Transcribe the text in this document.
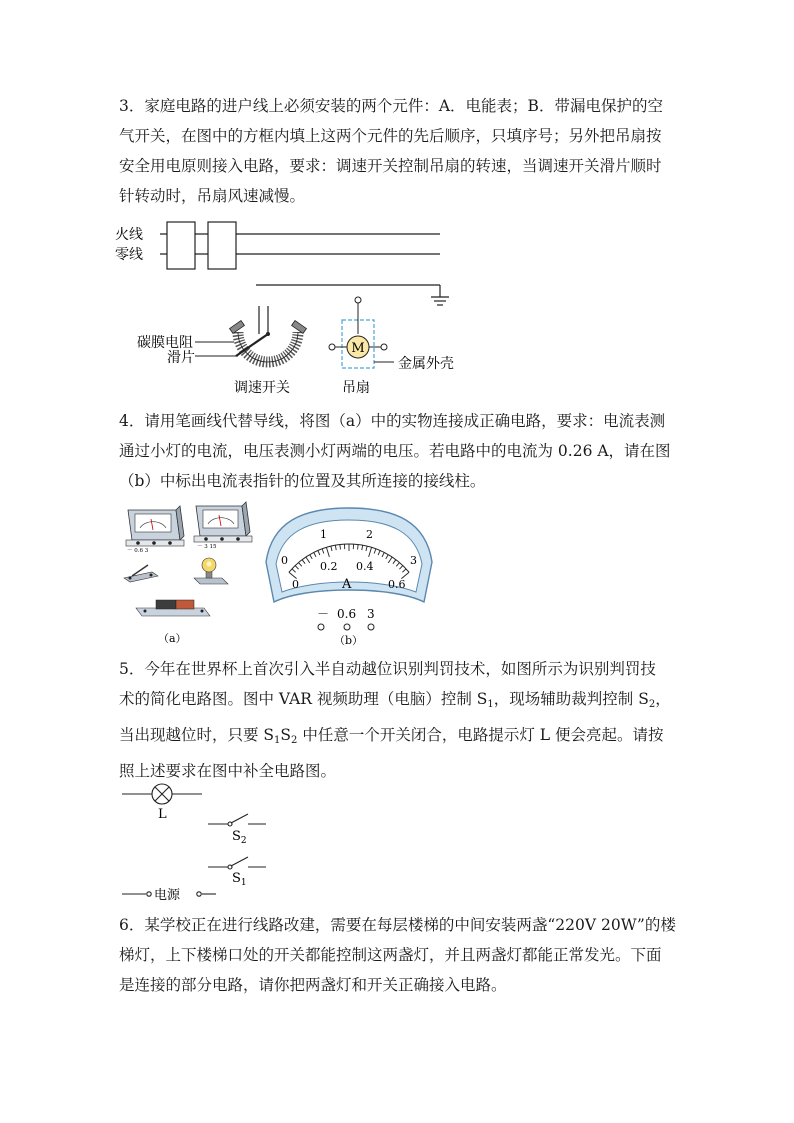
3．家庭电路的进户线上必须安装的两个元件：A．电能表；B．带漏电保护的空
气开关，在图中的方框内填上这两个元件的先后顺序，只填序号；另外把吊扇按
安全用电原则接入电路，要求：调速开关控制吊扇的转速，当调速开关滑片顺时
针转动时，吊扇风速减慢。
火线
零线
碳膜电阻
滑片
调速开关
M
金属外壳
吊扇
4．请用笔画线代替导线，将图（a）中的实物连接成正确电路，要求：电流表测
通过小灯的电流，电压表测小灯两端的电压。若电路中的电流为 0.26 A，请在图
（b）中标出电流表指针的位置及其所连接的接线柱。
－ 0.6 3
－ 3 15
（a）
0
1	2
3
0
0.2 0.4
0.6
A
－ 0.6 3
（b）
5．今年在世界杯上首次引入半自动越位识别判罚技术，如图所示为识别判罚技
术的简化电路图。图中 VAR 视频助理（电脑）控制 $S_1$，现场辅助裁判控制 $S_2$，
当出现越位时，只要 $S_1S_2$ 中任意一个开关闭合，电路提示灯 L 便会亮起。请按
照上述要求在图中补全电路图。
L
$S_2$
$S_1$
电源
6．某学校正在进行线路改建，需要在每层楼梯的中间安装两盏“220V 20W”的楼
梯灯，上下楼梯口处的开关都能控制这两盏灯，并且两盏灯都能正常发光。下面
是连接的部分电路，请你把两盏灯和开关正确接入电路。
